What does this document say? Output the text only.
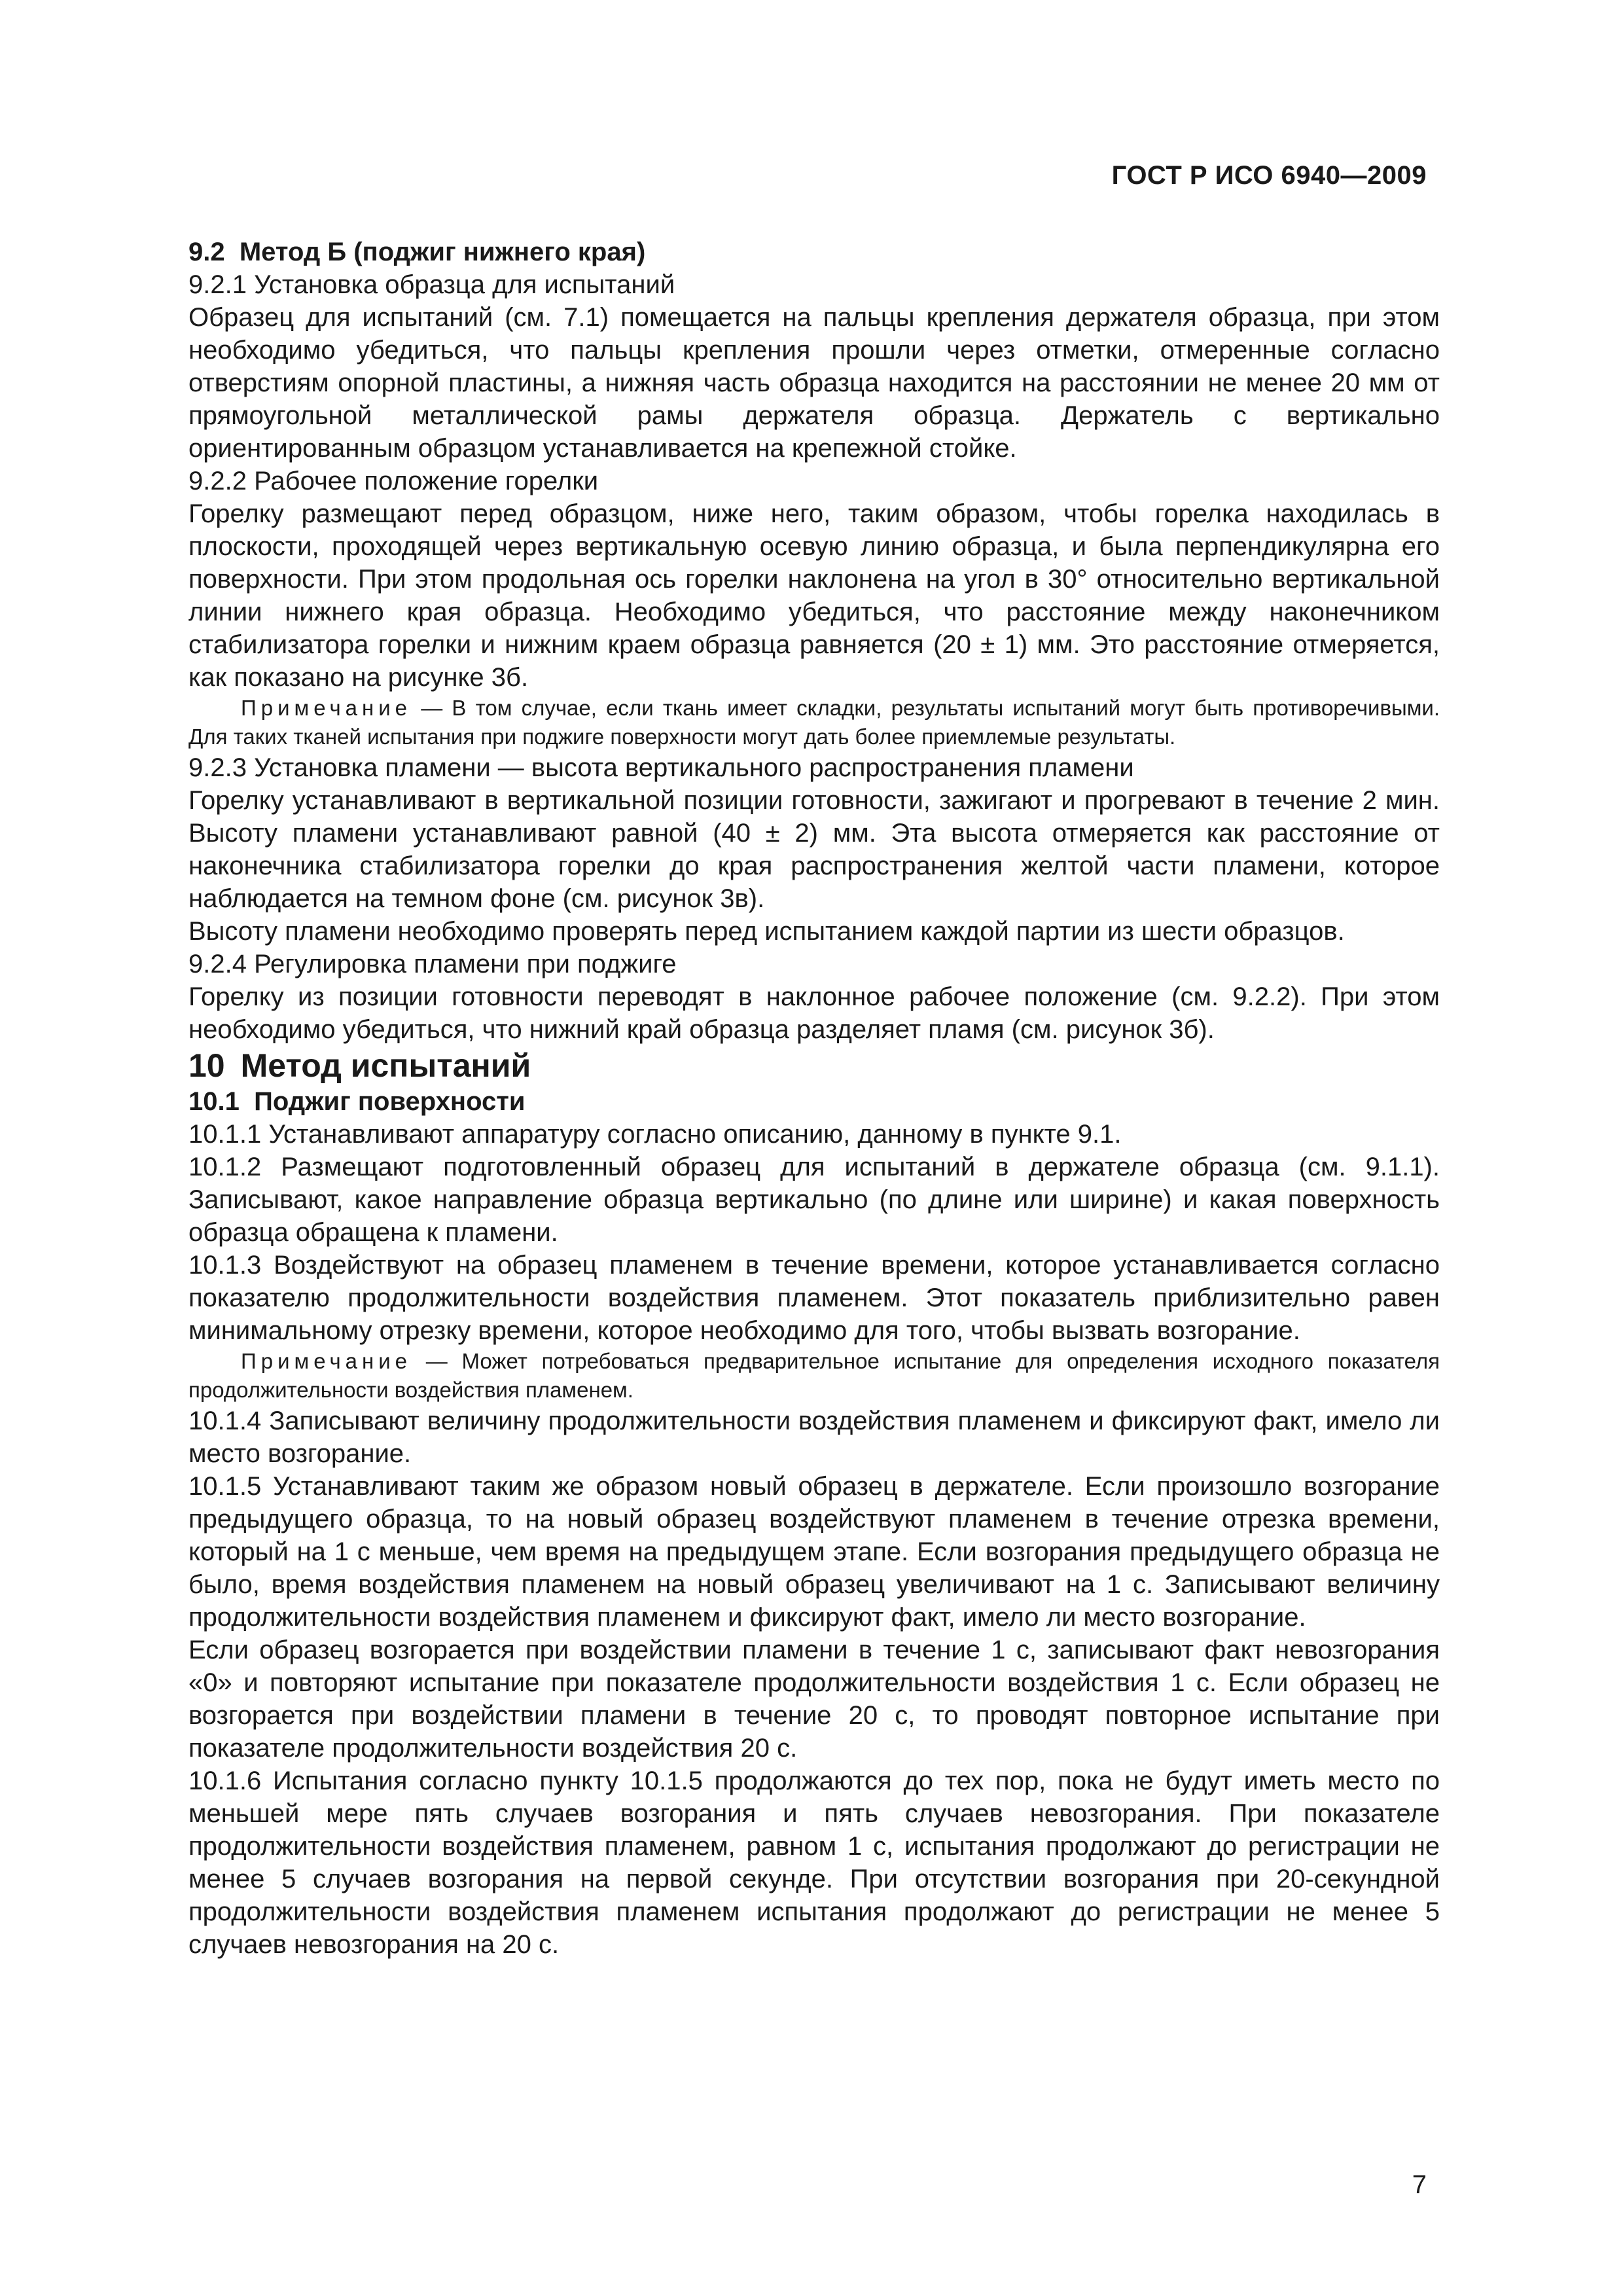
ГОСТ Р ИСО 6940—2009

9.2 Метод Б (поджиг нижнего края)

9.2.1 Установка образца для испытаний

Образец для испытаний (см. 7.1) помещается на пальцы крепления держателя образца, при этом необходимо убедиться, что пальцы крепления прошли через отметки, отмеренные согласно отверстиям опорной пластины, а нижняя часть образца находится на расстоянии не менее 20 мм от прямоугольной металлической рамы держателя образца. Держатель с вертикально ориентированным образцом устанавливается на крепежной стойке.

9.2.2 Рабочее положение горелки

Горелку размещают перед образцом, ниже него, таким образом, чтобы горелка находилась в плоскости, проходящей через вертикальную осевую линию образца, и была перпендикулярна его поверхности. При этом продольная ось горелки наклонена на угол в 30° относительно вертикальной линии нижнего края образца. Необходимо убедиться, что расстояние между наконечником стабилизатора горелки и нижним краем образца равняется (20 ± 1) мм. Это расстояние отмеряется, как показано на рисунке 3б.

Примечание — В том случае, если ткань имеет складки, результаты испытаний могут быть противоречивыми. Для таких тканей испытания при поджиге поверхности могут дать более приемлемые результаты.

9.2.3 Установка пламени — высота вертикального распространения пламени

Горелку устанавливают в вертикальной позиции готовности, зажигают и прогревают в течение 2 мин. Высоту пламени устанавливают равной (40 ± 2) мм. Эта высота отмеряется как расстояние от наконечника стабилизатора горелки до края распространения желтой части пламени, которое наблюдается на темном фоне (см. рисунок 3в).

Высоту пламени необходимо проверять перед испытанием каждой партии из шести образцов.

9.2.4 Регулировка пламени при поджиге

Горелку из позиции готовности переводят в наклонное рабочее положение (см. 9.2.2). При этом необходимо убедиться, что нижний край образца разделяет пламя (см. рисунок 3б).

10 Метод испытаний

10.1 Поджиг поверхности

10.1.1 Устанавливают аппаратуру согласно описанию, данному в пункте 9.1.

10.1.2 Размещают подготовленный образец для испытаний в держателе образца (см. 9.1.1). Записывают, какое направление образца вертикально (по длине или ширине) и какая поверхность образца обращена к пламени.

10.1.3 Воздействуют на образец пламенем в течение времени, которое устанавливается согласно показателю продолжительности воздействия пламенем. Этот показатель приблизительно равен минимальному отрезку времени, которое необходимо для того, чтобы вызвать возгорание.

Примечание — Может потребоваться предварительное испытание для определения исходного показателя продолжительности воздействия пламенем.

10.1.4 Записывают величину продолжительности воздействия пламенем и фиксируют факт, имело ли место возгорание.

10.1.5 Устанавливают таким же образом новый образец в держателе. Если произошло возгорание предыдущего образца, то на новый образец воздействуют пламенем в течение отрезка времени, который на 1 с меньше, чем время на предыдущем этапе. Если возгорания предыдущего образца не было, время воздействия пламенем на новый образец увеличивают на 1 с. Записывают величину продолжительности воздействия пламенем и фиксируют факт, имело ли место возгорание.

Если образец возгорается при воздействии пламени в течение 1 с, записывают факт невозгорания «0» и повторяют испытание при показателе продолжительности воздействия 1 с. Если образец не возгорается при воздействии пламени в течение 20 с, то проводят повторное испытание при показателе продолжительности воздействия 20 с.

10.1.6 Испытания согласно пункту 10.1.5 продолжаются до тех пор, пока не будут иметь место по меньшей мере пять случаев возгорания и пять случаев невозгорания. При показателе продолжительности воздействия пламенем, равном 1 с, испытания продолжают до регистрации не менее 5 случаев возгорания на первой секунде. При отсутствии возгорания при 20-секундной продолжительности воздействия пламенем испытания продолжают до регистрации не менее 5 случаев невозгорания на 20 с.

7
